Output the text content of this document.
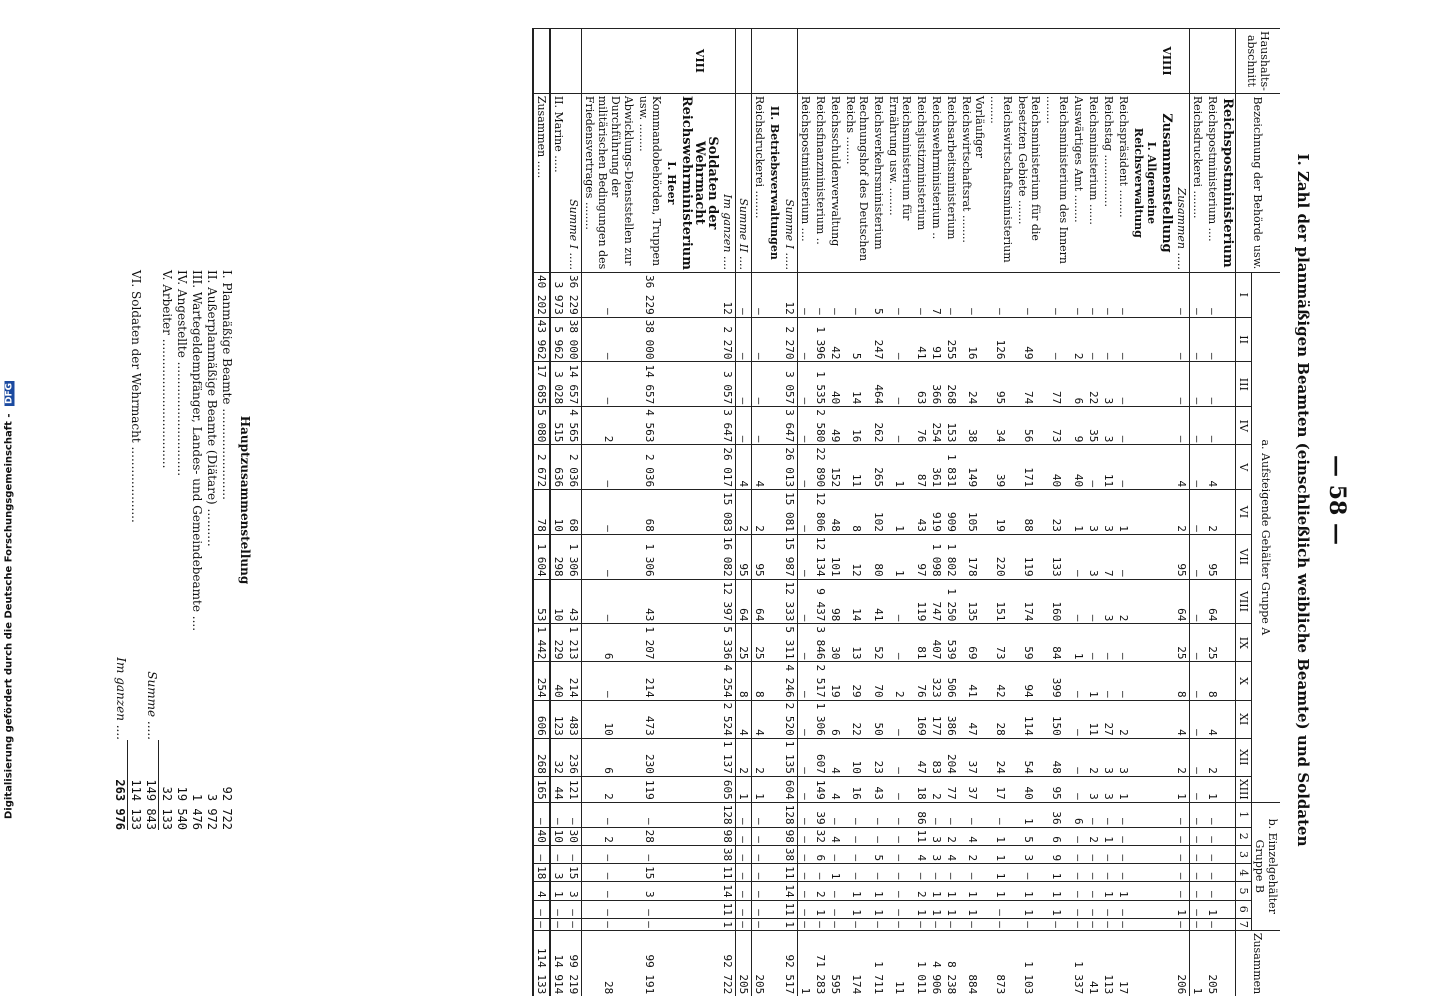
Digitalisierung gefördert durch die Deutsche Forschungsgemeinschaft - DFG
— 58 —
I. Zahl der planmäßigen Beamten (einschließlich weibliche Beamte) und Soldaten
Haushalts-abschnitt	Bezeichnung der Behörde usw.	a. Aufsteigende Gehälter Gruppe A													b. Einzelgehälter Gruppe B							Zusammen
		I	II	III	IV	V	VI	VII	VIII	IX	X	XI	XII	XIII	1	2	3	4	5	6	7	
	Reichspostministerium																					
	Reichspostministerium ....	—	—	—	—	4	2	95	64	25	8	4	2	1	—	—	—	—	—	1	—	205
	Reichsdruckerei ........	—	—	—	—	—	—	—	—	—	—	—	—	—	—	—	—	—	—	—	—	1
	Zusammen .....	—	—	—	—	4	2	95	64	25	8	4	2	1	—	—	—	—	—	1	—	206
VIIII	Zusammenstellung																					
	I. Allgemeine Reichsverwaltung																					
	Reichspräsident ........	—	—	—	—	—	1	—	2	—	—	2	3	1	—	—	—	—	1	—	—	17
	Reichstag ...............	—	—	3	3	11	3	7	3	—	—	27	3	3	—	1	—	—	1	—	—	113
	Reichsministerium ......	—	—	22	35	—	3	3	—	—	1	11	2	3	—	2	—	—	—	—	—	41
	Auswärtiges Amt ........	—	2	6	9	40	1	—	—	1	—	—	—	—	6	—	—	—	—	—	—	1 337
	Reichsministerium des Innern ........	—	—	77	73	40	23	133	160	84	399	150	48	95	36	6	9	1	1	1	—	
	Reichsministerium für die besetzten Gebiete .......	—	49	74	56	171	88	119	174	59	94	114	54	40	1	5	3	—	1	1	—	1 103
	Reichswirtschaftsministerium ........	—	126	95	34	39	19	220	151	73	42	28	24	17	—	1	1	1	1	—	—	873
	Vorläufiger Reichswirtschaftsrat ........	—	16	24	38	149	105	178	135	69	41	47	37	37	—	4	2	—	1	1	—	884
	Reichsarbeitsministerium	—	255	268	153	1 831	909	1 802	1 250	539	506	386	204	77	—	2	4	—	1	1	—	8 238
	Reichswehrministerium ..	7	91	366	254	361	919	1 098	747	407	323	177	83	2	—	3	3	—	1	1	—	4 906
	Reichsjustizministerium	—	41	63	76	87	43	97	119	81	76	169	47	18	86	11	4	—	2	1	—	1 011
	Reichsministerium für Ernährung usw. ........	—	—	—	—	1	1	1	—	—	2	—	—	—	—	—	—	—	—	—	—	11
	Reichsverkehrsministerium	5	247	464	262	265	102	80	41	52	70	50	23	43	—	—	5	—	1	1	—	1 711
	Rechnungshof des Deutschen Reichs ........	—	5	14	16	11	8	12	14	13	29	22	10	16	—	—	—	—	1	1	—	174
	Reichsschuldenverwaltung	—	42	40	49	152	48	101	98	30	19	6	4	4	—	4	—	1	—	—	—	595
	Reichsfinanzministerium ..	—	1 396	1 535	2 580	22 890	12 806	12 134	9 437	3 846	2 517	1 306	607	149	39	32	6	—	2	1	—	71 283
	Reichspostministerium ....	—	—	—	—	—	—	—	—	—	—	—	—	—	—	—	—	—	—	—	—	1
	Summe I .....	12	2 270	3 057	3 647	26 013	15 081	15 987	12 333	5 311	4 246	2 520	1 135	604	128	98	38	11	14	11	1	92 517
	II. Betriebsverwaltungen																					
	Reichsdruckerei ........	—	—	—	—	4	2	95	64	25	8	4	2	1	—	—	—	—	—	—	—	205
	Summe II ....	—	—	—	—	4	2	95	64	25	8	4	2	1	—	—	—	—	—	—	—	205
	Im ganzen ....	12	2 270	3 057	3 647	26 017	15 083	16 082	12 397	5 336	4 254	2 524	1 137	605	128	98	38	11	14	11	1	92 722
VIII	Soldaten der Wehrmacht Reichswehrministerium																					
	I. Heer																					
	Kommandobehörden, Truppen usw. ........	36 229	38 000	14 657	4 563	2 036	68	1 306	43	1 207	214	473	230	119	—	28	—	15	3	—	—	99 191
	Abwicklungs-Dienststellen zur Durchführung der militärischen Bedingungen des Friedensvertrages ........	—	—	—	2	—	—	—	—	6	—	10	6	2	—	2	—	—	—	—	—	28
	Summe I .....	36 229	38 000	14 657	4 565	2 036	68	1 306	43	1 213	214	483	236	121	—	30	—	15	3	—	—	99 219
	II. Marine .....	3 973	5 962	3 028	515	636	10	298	10	229	40	123	32	44	—	10	—	3	1	—	—	14 914
	Zusammen .....	40 202	43 962	17 685	5 080	2 672	78	1 604	53	1 442	254	606	268	165	—	40	—	18	4	—	—	114 133
Hauptzusammenstellung
I. Planmäßige Beamte ........................
92 722
II. Außerplanmäßige Beamte (Diätare) ..........
3 972
III. Wartegeldempfänger, Landes- und Gemeindebeamte ....
1 476
IV. Angestellte ..............................
19 540
V. Arbeiter ..................................
32 133
Summe .....
149 843
VI. Soldaten der Wehrmacht ....................
114 133
Im ganzen ....
263 976
